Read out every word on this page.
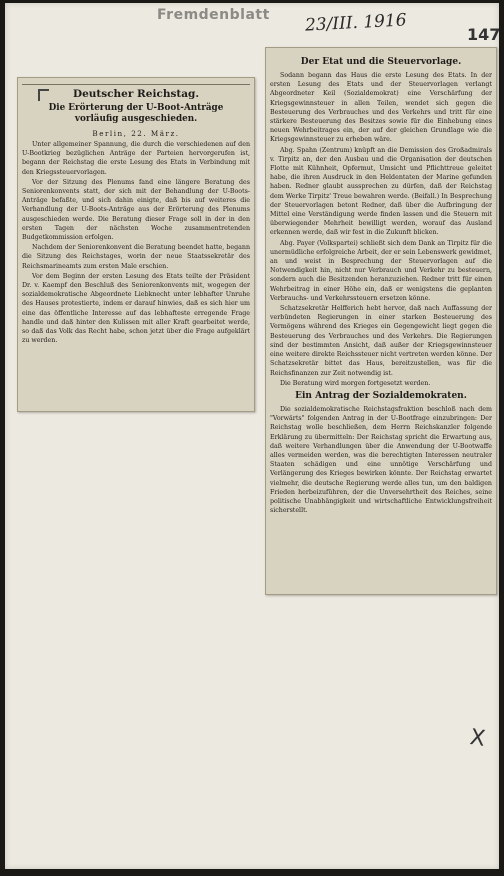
Fremdenblatt 23/III. 1916	147
Deutscher Reichstag.
Die Erörterung der U-Boot-Anträge vorläufig ausgeschieden.
Berlin, 22. März.

Unter allgemeiner Spannung, die durch die verschiedenen auf den U-Bootkrieg bezüglichen Anträge der Parteien hervorgerufen ist, begann der Reichstag die erste Lesung des Etats in Verbindung mit den Kriegssteuervorlagen.

Vor der Sitzung des Plenums fand eine längere Beratung des Seniorenkonvents statt, der sich mit der Behandlung der U-Boots-Anträge befaßte, und sich dahin einigte, daß bis auf weiteres die Verhandlung der U-Boots-Anträge aus der Erörterung des Plenums ausgeschieden werde. Die Beratung dieser Frage soll in der in den ersten Tagen der nächsten Woche zusammentretenden Budgetkommission erfolgen.

Nachdem der Seniorenkonvent die Beratung beendet hatte, begann die Sitzung des Reichstages, worin der neue Staatssekretär des Reichsmarineamts zum ersten Male erschien.

Vor dem Beginn der ersten Lesung des Etats teilte der Präsident Dr. v. Kaempf den Beschluß des Seniorenkonvents mit, wogegen der sozialdemokratische Abgeordnete Liebknecht unter lebhafter Unruhe des Hauses protestierte, indem er darauf hinwies, daß es sich hier um eine das öffentliche Interesse auf das lebhafteste erregende Frage handle und daß hinter den Kulissen mit aller Kraft gearbeitet werde, so daß das Volk das Recht habe, schon jetzt über die Frage aufgeklärt zu werden.

Der Etat und die Steuervorlage.

Sodann begann das Haus die erste Lesung des Etats. In der ersten Lesung des Etats und der Steuervorlagen verlangt Abgeordneter Keil (Sozialdemokrat) eine Verschärfung der Kriegsgewinnsteuer in allen Teilen, wendet sich gegen die Besteuerung des Verbrauches und des Verkehrs und tritt für eine stärkere Besteuerung des Besitzes sowie für die Einhebung eines neuen Wehrbeitrages ein, der auf der gleichen Grundlage wie die Kriegsgewinnsteuer zu erheben wäre.

Abg. Spahn (Zentrum) knüpft an die Demission des Großadmirals v. Tirpitz an, der den Ausbau und die Organisation der deutschen Flotte mit Kühnheit, Opfermut, Umsicht und Pflichttreue geleitet habe, die ihren Ausdruck in den Heldentaten der Marine gefunden haben. Redner glaubt aussprechen zu dürfen, daß der Reichstag dem Werke Tirpitz' Treue bewahren werde. (Beifall.) In Besprechung der Steuervorlagen betont Redner, daß über die Aufbringung der Mittel eine Verständigung werde finden lassen und die Steuern mit überwiegender Mehrheit bewilligt werden, worauf das Ausland erkennen werde, daß wir fest in die Zukunft blicken.

Abg. Payer (Volkspartei) schließt sich dem Dank an Tirpitz für die unermüdliche erfolgreiche Arbeit, der er sein Lebenswerk gewidmet, an und weist in Besprechung der Steuervorlagen auf die Notwendigkeit hin, nicht nur Verbrauch und Verkehr zu besteuern, sondern auch die Besitzenden heranzuziehen. Redner tritt für einen Wehrbeitrag in einer Höhe ein, daß er wenigstens die geplanten Verbrauchs- und Verkehrssteuern ersetzen könne.

Schatzsekretär Helfferich hebt hervor, daß nach Auffassung der verbündeten Regierungen in einer starken Besteuerung des Vermögens während des Krieges ein Gegengewicht liegt gegen die Besteuerung des Verbrauches und des Verkehrs. Die Regierungen sind der bestimmten Ansicht, daß außer der Kriegsgewinnsteuer eine weitere direkte Reichssteuer nicht vertreten werden könne. Der Schatzsekretär bittet das Haus, bereitzustellen, was für die Reichsfinanzen zur Zeit notwendig ist.

Die Beratung wird morgen fortgesetzt werden.

Ein Antrag der Sozialdemokraten.

Die sozialdemokratische Reichstagsfraktion beschloß nach dem "Vorwärts" folgenden Antrag in der U-Bootfrage einzubringen: Der Reichstag wolle beschließen, dem Herrn Reichskanzler folgende Erklärung zu übermitteln: Der Reichstag spricht die Erwartung aus, daß weitere Verhandlungen über die Anwendung der U-Bootwaffe alles vermeiden werden, was die berechtigten Interessen neutraler Staaten schädigen und eine unnötige Verschärfung und Verlängerung des Krieges bewirken könnte. Der Reichstag erwartet vielmehr, die deutsche Regierung werde alles tun, um den baldigen Frieden herbeizuführen, der die Unversehrtheit des Reiches, seine politische Unabhängigkeit und wirtschaftliche Entwicklungsfreiheit sicherstellt.

X
